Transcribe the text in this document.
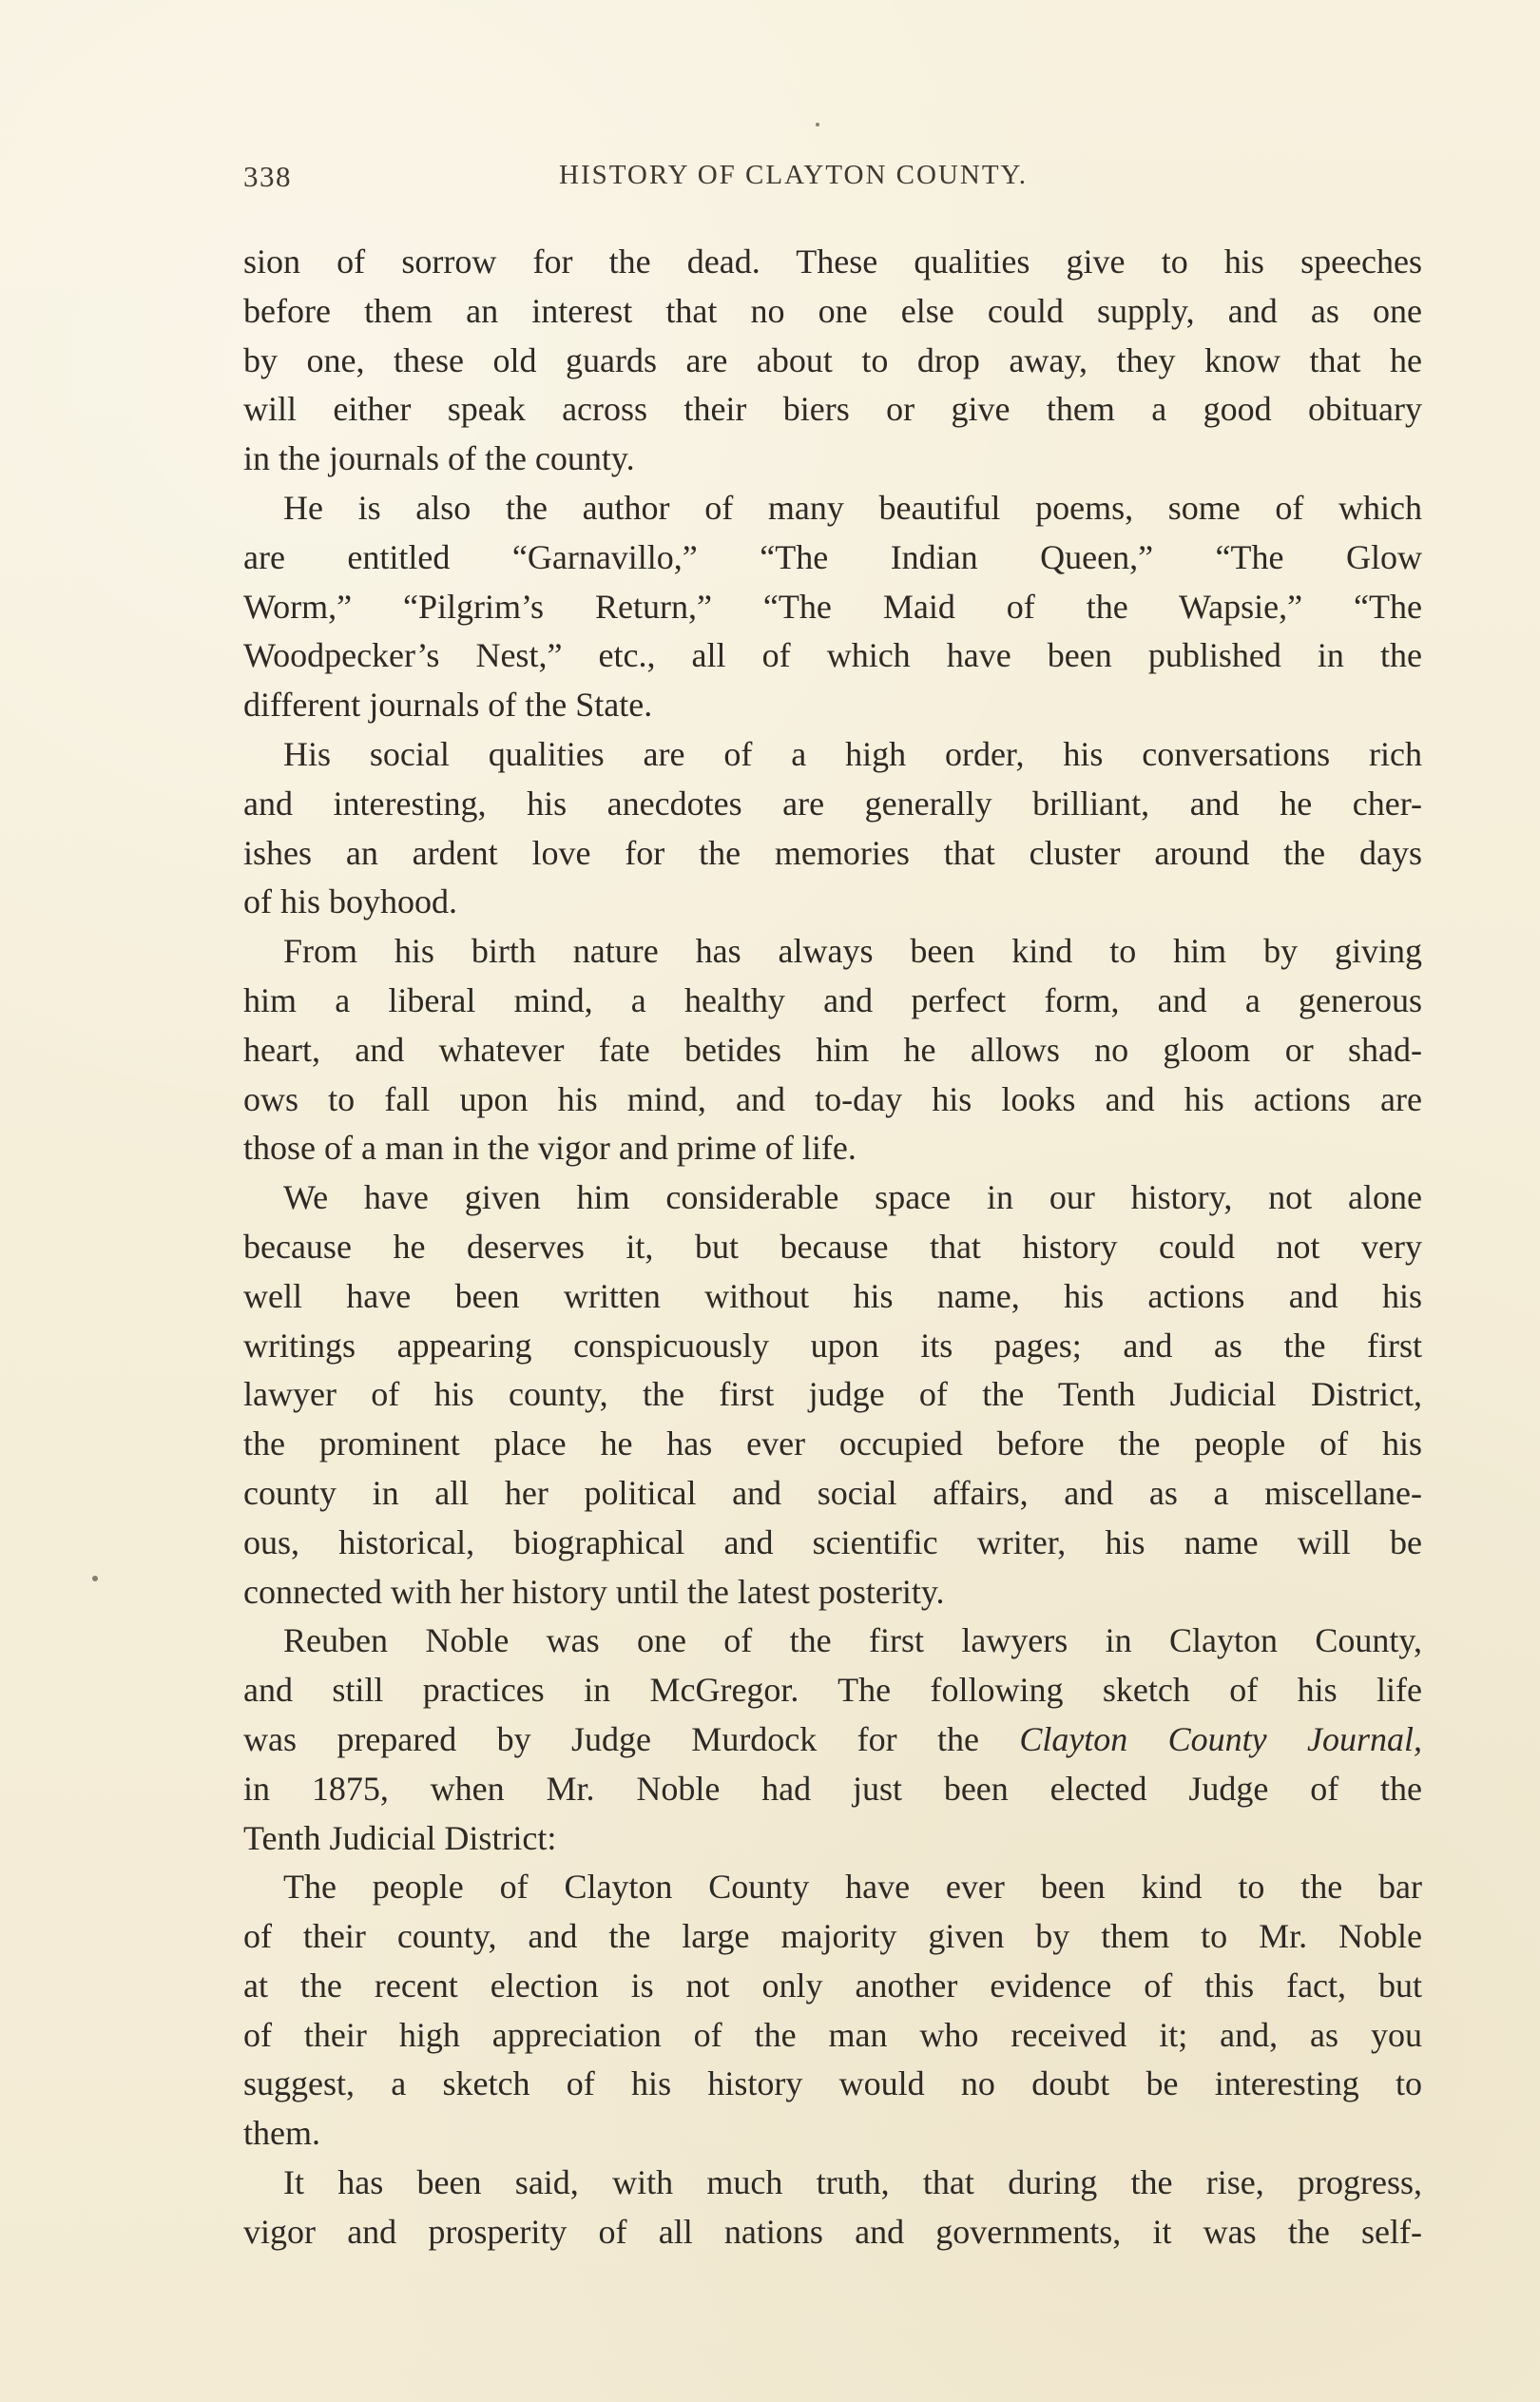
338	HISTORY OF CLAYTON COUNTY.
sion of sorrow for the dead. These qualities give to his speeches
before them an interest that no one else could supply, and as one
by one, these old guards are about to drop away, they know that he
will either speak across their biers or give them a good obituary
in the journals of the county.
He is also the author of many beautiful poems, some of which
are entitled “Garnavillo,” “The Indian Queen,” “The Glow
Worm,” “Pilgrim’s Return,” “The Maid of the Wapsie,” “The
Woodpecker’s Nest,” etc., all of which have been published in the
different journals of the State.
His social qualities are of a high order, his conversations rich
and interesting, his anecdotes are generally brilliant, and he cher-
ishes an ardent love for the memories that cluster around the days
of his boyhood.
From his birth nature has always been kind to him by giving
him a liberal mind, a healthy and perfect form, and a generous
heart, and whatever fate betides him he allows no gloom or shad-
ows to fall upon his mind, and to-day his looks and his actions are
those of a man in the vigor and prime of life.
We have given him considerable space in our history, not alone
because he deserves it, but because that history could not very
well have been written without his name, his actions and his
writings appearing conspicuously upon its pages; and as the first
lawyer of his county, the first judge of the Tenth Judicial District,
the prominent place he has ever occupied before the people of his
county in all her political and social affairs, and as a miscellane-
ous, historical, biographical and scientific writer, his name will be
connected with her history until the latest posterity.
Reuben Noble was one of the first lawyers in Clayton County,
and still practices in McGregor. The following sketch of his life
was prepared by Judge Murdock for the Clayton County Journal,
in 1875, when Mr. Noble had just been elected Judge of the
Tenth Judicial District:
The people of Clayton County have ever been kind to the bar
of their county, and the large majority given by them to Mr. Noble
at the recent election is not only another evidence of this fact, but
of their high appreciation of the man who received it; and, as you
suggest, a sketch of his history would no doubt be interesting to
them.
It has been said, with much truth, that during the rise, progress,
vigor and prosperity of all nations and governments, it was the self-
